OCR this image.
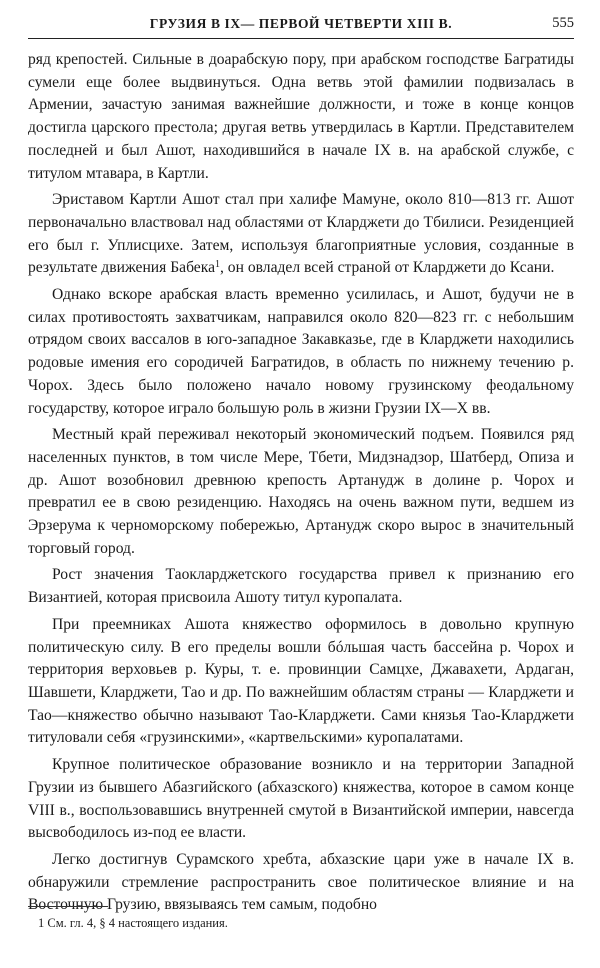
ГРУЗИЯ В IX— ПЕРВОЙ ЧЕТВЕРТИ XIII В.	555

ряд крепостей. Сильные в доарабскую пору, при арабском господстве Багратиды сумели еще более выдвинуться. Одна ветвь этой фамилии подвизалась в Армении, зачастую занимая важнейшие должности, и тоже в конце концов достигла царского престола; другая ветвь утвердилась в Картли. Представителем последней и был Ашот, находившийся в начале IX в. на арабской службе, с титулом мтавара, в Картли.

Эриставом Картли Ашот стал при халифе Мамуне, около 810—813 гг. Ашот первоначально властвовал над областями от Кларджети до Тбилиси. Резиденцией его был г. Уплисцихе. Затем, используя благоприятные условия, созданные в результате движения Бабека$^1$, он овладел всей страной от Кларджети до Ксани.

Однако вскоре арабская власть временно усилилась, и Ашот, будучи не в силах противостоять захватчикам, направился около 820—823 гг. с небольшим отрядом своих вассалов в юго-западное Закавказье, где в Кларджети находились родовые имения его сородичей Багратидов, в область по нижнему течению р. Чорох. Здесь было положено начало новому грузинскому феодальному государству, которое играло большую роль в жизни Грузии IX—X вв.

Местный край переживал некоторый экономический подъем. Появился ряд населенных пунктов, в том числе Мере, Тбети, Мидзнадзор, Шатберд, Опиза и др. Ашот возобновил древнюю крепость Артанудж в долине р. Чорох и превратил ее в свою резиденцию. Находясь на очень важном пути, ведшем из Эрзерума к черноморскому побережью, Артанудж скоро вырос в значительный торговый город.

Рост значения Таокларджетского государства привел к признанию его Византией, которая присвоила Ашоту титул куропалата.

При преемниках Ашота княжество оформилось в довольно крупную политическую силу. В его пределы вошли бóльшая часть бассейна р. Чорох и территория верховьев р. Куры, т. е. провинции Самцхе, Джавахети, Ардаган, Шавшети, Кларджети, Тао и др. По важнейшим областям страны — Кларджети и Тао—княжество обычно называют Тао-Кларджети. Сами князья Тао-Кларджети титуловали себя «грузинскими», «картвельскими» куропалатами.

Крупное политическое образование возникло и на территории Западной Грузии из бывшего Абазгийского (абхазского) княжества, которое в самом конце VIII в., воспользовавшись внутренней смутой в Византийской империи, навсегда высвободилось из-под ее власти.

Легко достигнув Сурамского хребта, абхазские цари уже в начале IX в. обнаружили стремление распространить свое политическое влияние и на Восточную Грузию, ввязываясь тем самым, подобно

1 См. гл. 4, § 4 настоящего издания.
